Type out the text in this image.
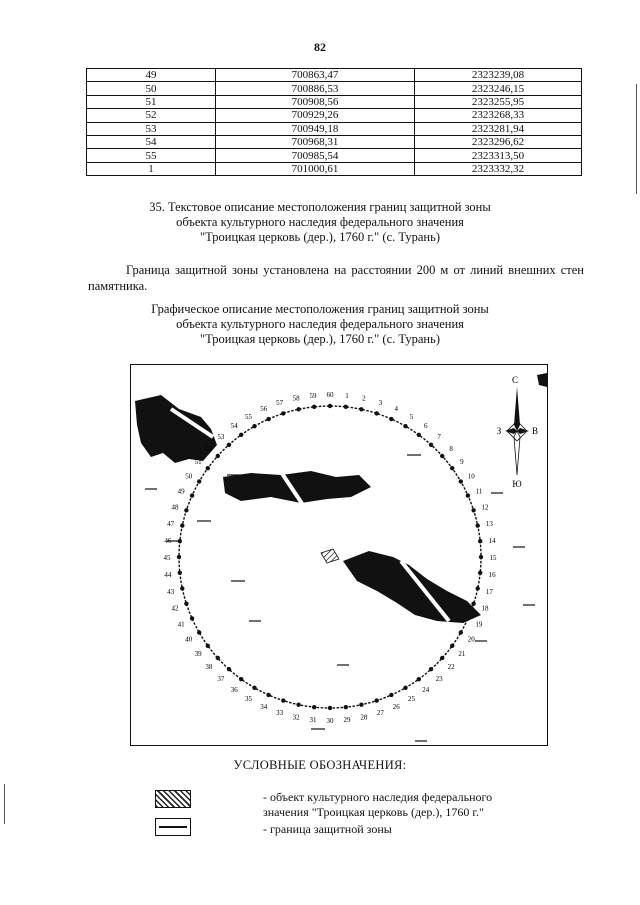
82
49	700863,47	2323239,08
50	700886,53	2323246,15
51	700908,56	2323255,95
52	700929,26	2323268,33
53	700949,18	2323281,94
54	700968,31	2323296,62
55	700985,54	2323313,50
1	701000,61	2323332,32
35. Текстовое описание местоположения границ защитной зоны
объекта культурного наследия федерального значения
"Троицкая церковь (дер.), 1760 г." (с. Турань)
Граница защитной зоны установлена на расстоянии 200 м от линий внешних стен памятника.
Графическое описание местоположения границ защитной зоны
объекта культурного наследия федерального значения
"Троицкая церковь (дер.), 1760 г." (с. Турань)
1 2
3
4
5
6
7
8
9
10
11
12
13
14
15
16
17
18
19
20
21
22
23
24
25
26
27
28
29
30
31
32
33
34
35
36
37
38
39
40
41
42
43
44
45
46
47
48
49
50
51
52
53
54
55
56
57
58 59 60
С
Ю
З	В
УСЛОВНЫЕ ОБОЗНАЧЕНИЯ:
- объект культурного наследия федерального
значения "Троицкая церковь (дер.), 1760 г."
- граница защитной зоны
